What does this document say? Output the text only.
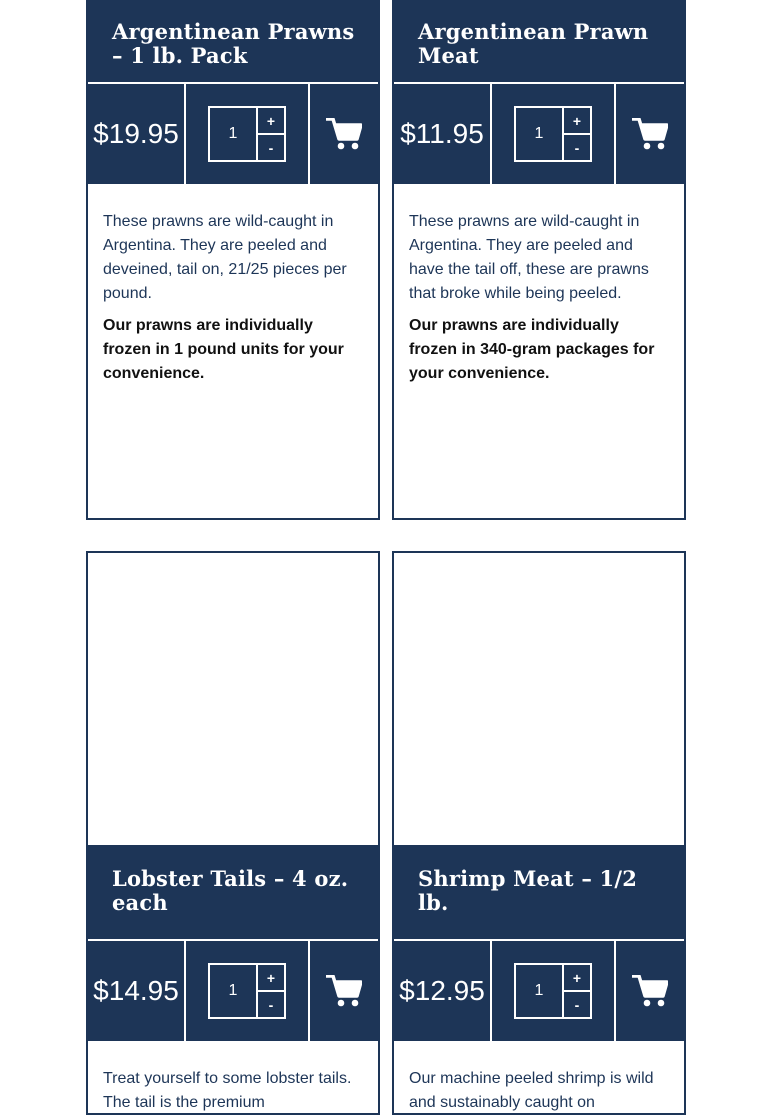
Argentinean Prawns – 1 lb. Pack
$19.95	1
+
-

These prawns are wild-caught in Argentina. They are peeled and deveined, tail on, 21/25 pieces per pound.

Our prawns are individually frozen in 1 pound units for your convenience.

Argentinean Prawn Meat
$11.95	1
+
-

These prawns are wild-caught in Argentina. They are peeled and have the tail off, these are prawns that broke while being peeled.

Our prawns are individually frozen in 340-gram packages for your convenience.

Lobster Tails – 4 oz. each
$14.95	1
+
-

Treat yourself to some lobster tails. The tail is the premium

Shrimp Meat – 1/2 lb.
$12.95	1
+
-

Our machine peeled shrimp is wild and sustainably caught on
